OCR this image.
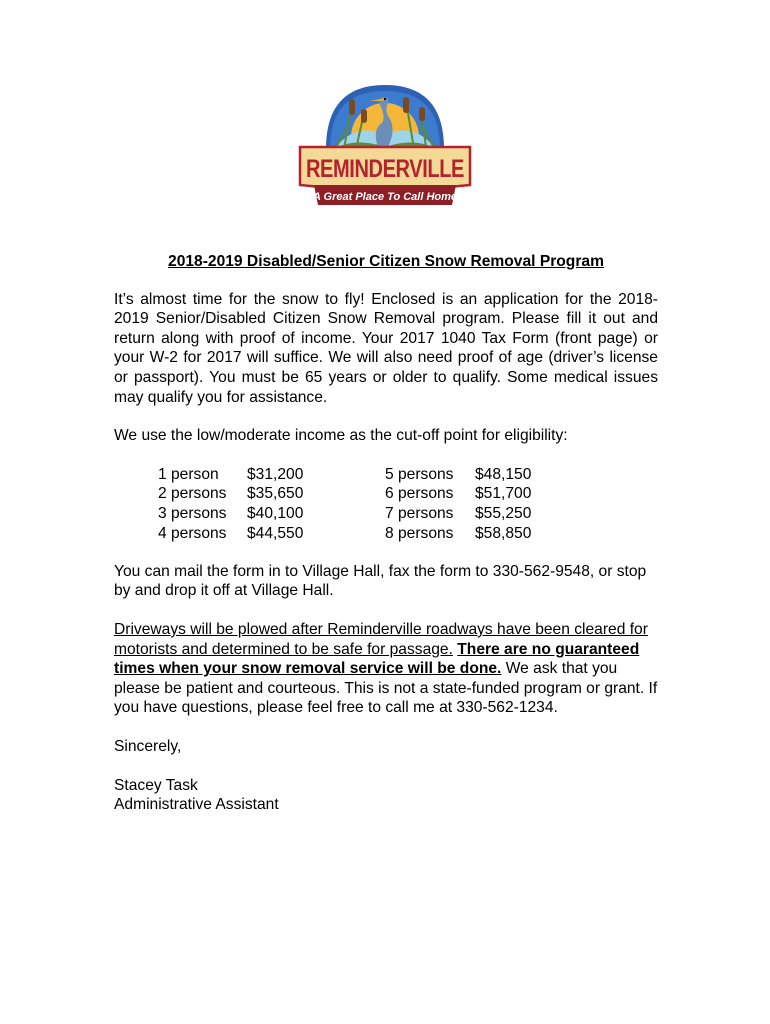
REMINDERVILLE
A Great Place To Call Home
2018-2019 Disabled/Senior Citizen Snow Removal Program

It’s almost time for the snow to fly! Enclosed is an application for the 2018-2019 Senior/Disabled Citizen Snow Removal program. Please fill it out and return along with proof of income. Your 2017 1040 Tax Form (front page) or your W-2 for 2017 will suffice. We will also need proof of age (driver’s license or passport). You must be 65 years or older to qualify. Some medical issues may qualify you for assistance.

We use the low/moderate income as the cut-off point for eligibility:

1 person $31,200
2 persons $35,650
3 persons $40,100
4 persons $44,550
5 persons $48,150
6 persons $51,700
7 persons $55,250
8 persons $58,850

You can mail the form in to Village Hall, fax the form to 330-562-9548, or stop by and drop it off at Village Hall.

Driveways will be plowed after Reminderville roadways have been cleared for motorists and determined to be safe for passage. There are no guaranteed times when your snow removal service will be done. We ask that you please be patient and courteous. This is not a state-funded program or grant. If you have questions, please feel free to call me at 330-562-1234.

Sincerely,

Stacey Task

Administrative Assistant
